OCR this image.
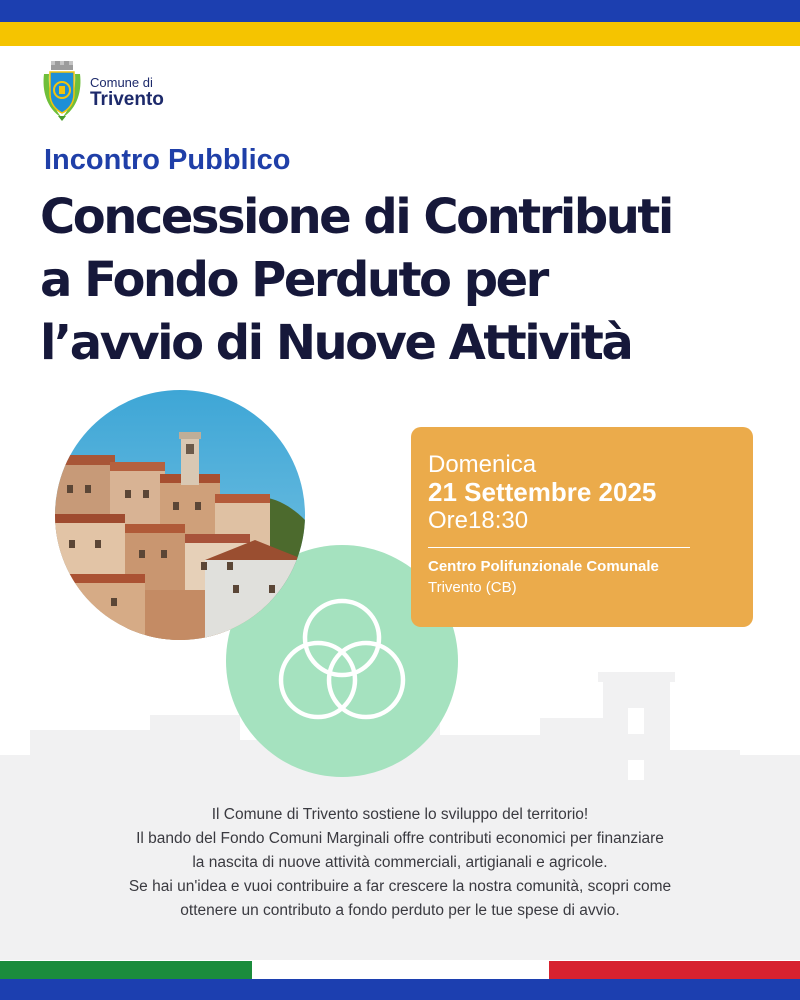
Comune di
Trivento
Incontro Pubblico
Concessione di Contributi
a Fondo Perduto per
l’avvio di Nuove Attività
Domenica
21 Settembre 2025
Ore18:30
Centro Polifunzionale Comunale
Trivento (CB)
Il Comune di Trivento sostiene lo sviluppo del territorio!
Il bando del Fondo Comuni Marginali offre contributi economici per finanziare
la nascita di nuove attività commerciali, artigianali e agricole.
Se hai un'idea e vuoi contribuire a far crescere la nostra comunità, scopri come
ottenere un contributo a fondo perduto per le tue spese di avvio.
